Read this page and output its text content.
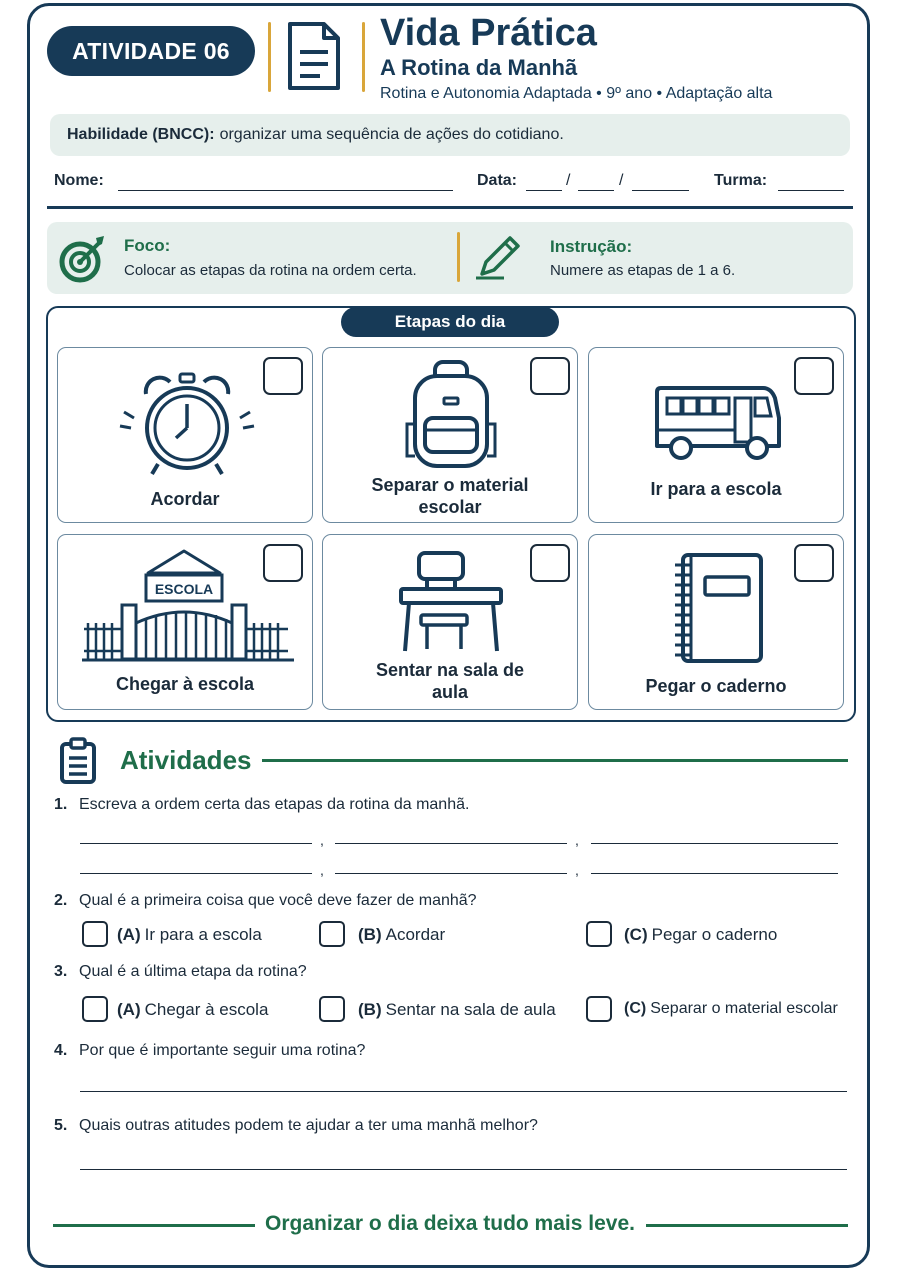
ATIVIDADE 06	Vida Prática
A Rotina da Manhã
Rotina e Autonomia Adaptada • 9º ano • Adaptação alta
Habilidade (BNCC): organizar uma sequência de ações do cotidiano.
Nome:	Data:	/	/	Turma:
Foco:
Colocar as etapas da rotina na ordem certa.
Instrução:
Numere as etapas de 1 a 6.
Etapas do dia
Acordar
Separar o material escolar
Ir para a escola
ESCOLA
Chegar à escola
Sentar na sala de aula	Pegar o caderno
Atividades
1. Escreva a ordem certa das etapas da rotina da manhã.
,	,
,	,
2. Qual é a primeira coisa que você deve fazer de manhã?
(A) Ir para a escola	(B) Acordar	(C) Pegar o caderno
3. Qual é a última etapa da rotina?
(A) Chegar à escola	(B) Sentar na sala de aula	(C) Separar o material escolar
4. Por que é importante seguir uma rotina?
5. Quais outras atitudes podem te ajudar a ter uma manhã melhor?
Organizar o dia deixa tudo mais leve.
